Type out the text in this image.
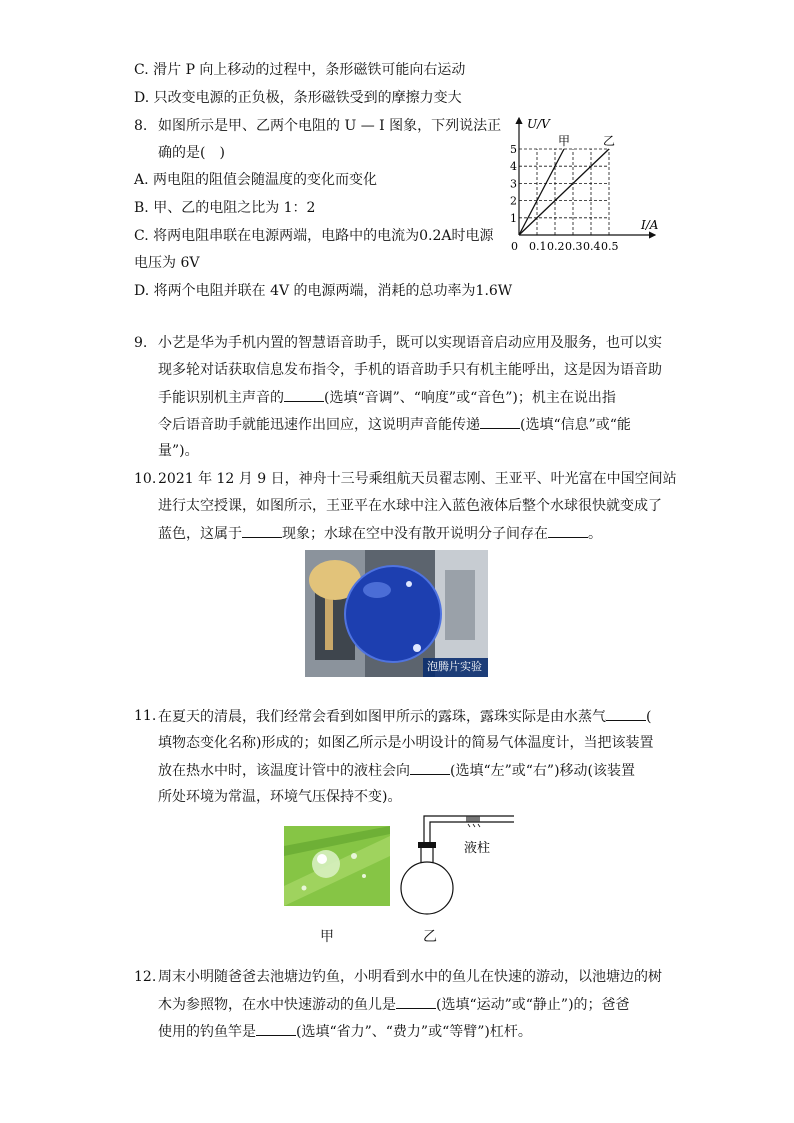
C. 滑片 P 向上移动的过程中，条形磁铁可能向右运动
D. 只改变电源的正负极，条形磁铁受到的摩擦力变大
8. 如图所示是甲、乙两个电阻的 U — I 图象，下列说法正
确的是(　)
A. 两电阻的阻值会随温度的变化而变化
B. 甲、乙的电阻之比为 1：2
C. 将两电阻串联在电源两端，电路中的电流为0.2A时电源
电压为 6V
D. 将两个电阻并联在 4V 的电源两端，消耗的总功率为1.6W
U/V
I/A
0
1
2
3
4
5
0.1 0.2 0.3 0.4 0.5
甲	乙
9. 小艺是华为手机内置的智慧语音助手，既可以实现语音启动应用及服务，也可以实
现多轮对话获取信息发布指令，手机的语音助手只有机主能呼出，这是因为语音助
手能识别机主声音的	(选填“音调”、“响度”或“音色”)；机主在说出指
令后语音助手就能迅速作出回应，这说明声音能传递	(选填“信息”或“能
量”)。
10. 2021 年 12 月 9 日，神舟十三号乘组航天员翟志刚、王亚平、叶光富在中国空间站
进行太空授课，如图所示，王亚平在水球中注入蓝色液体后整个水球很快就变成了
蓝色，这属于	现象；水球在空中没有散开说明分子间存在	。
泡腾片实验
11. 在夏天的清晨，我们经常会看到如图甲所示的露珠，露珠实际是由水蒸气	(
填物态变化名称)形成的；如图乙所示是小明设计的简易气体温度计，当把该装置
放在热水中时，该温度计管中的液柱会向	(选填“左”或“右”)移动(该装置
所处环境为常温，环境气压保持不变)。
甲
液柱
乙
12. 周末小明随爸爸去池塘边钓鱼，小明看到水中的鱼儿在快速的游动，以池塘边的树
木为参照物，在水中快速游动的鱼儿是	(选填“运动”或“静止”)的；爸爸
使用的钓鱼竿是	(选填“省力”、“费力”或“等臂”)杠杆。
